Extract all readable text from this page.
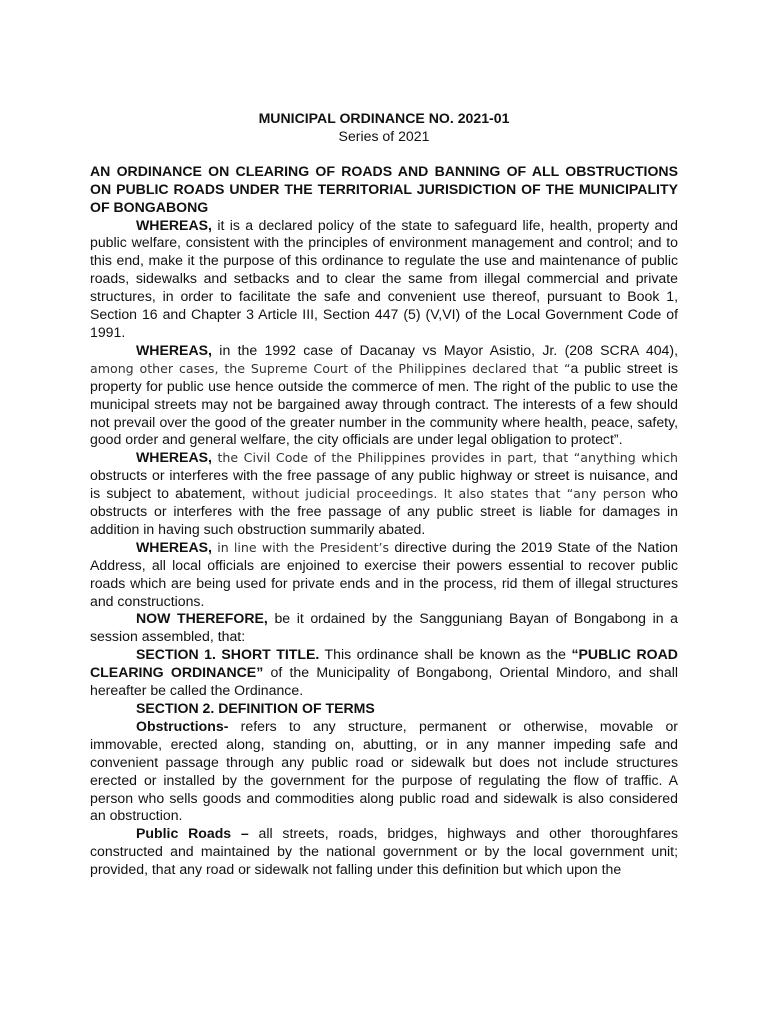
MUNICIPAL ORDINANCE NO. 2021-01
Series of 2021
AN ORDINANCE ON CLEARING OF ROADS AND BANNING OF ALL OBSTRUCTIONS ON PUBLIC ROADS UNDER THE TERRITORIAL JURISDICTION OF THE MUNICIPALITY OF BONGABONG

WHEREAS, it is a declared policy of the state to safeguard life, health, property and public welfare, consistent with the principles of environment management and control; and to this end, make it the purpose of this ordinance to regulate the use and maintenance of public roads, sidewalks and setbacks and to clear the same from illegal commercial and private structures, in order to facilitate the safe and convenient use thereof, pursuant to Book 1, Section 16 and Chapter 3 Article III, Section 447 (5) (V,VI) of the Local Government Code of 1991.

WHEREAS, in the 1992 case of Dacanay vs Mayor Asistio, Jr. (208 SCRA 404), among other cases, the Supreme Court of the Philippines declared that “a public street is property for public use hence outside the commerce of men. The right of the public to use the municipal streets may not be bargained away through contract. The interests of a few should not prevail over the good of the greater number in the community where health, peace, safety, good order and general welfare, the city officials are under legal obligation to protect”.

WHEREAS, the Civil Code of the Philippines provides in part, that “anything which obstructs or interferes with the free passage of any public highway or street is nuisance, and is subject to abatement, without judicial proceedings. It also states that “any person who obstructs or interferes with the free passage of any public street is liable for damages in addition in having such obstruction summarily abated.

WHEREAS, in line with the President’s directive during the 2019 State of the Nation Address, all local officials are enjoined to exercise their powers essential to recover public roads which are being used for private ends and in the process, rid them of illegal structures and constructions.

NOW THEREFORE, be it ordained by the Sangguniang Bayan of Bongabong in a session assembled, that:

SECTION 1. SHORT TITLE. This ordinance shall be known as the “PUBLIC ROAD CLEARING ORDINANCE” of the Municipality of Bongabong, Oriental Mindoro, and shall hereafter be called the Ordinance.

SECTION 2. DEFINITION OF TERMS

Obstructions- refers to any structure, permanent or otherwise, movable or immovable, erected along, standing on, abutting, or in any manner impeding safe and convenient passage through any public road or sidewalk but does not include structures erected or installed by the government for the purpose of regulating the flow of traffic. A person who sells goods and commodities along public road and sidewalk is also considered an obstruction.

Public Roads – all streets, roads, bridges, highways and other thoroughfares constructed and maintained by the national government or by the local government unit; provided, that any road or sidewalk not falling under this definition but which upon the
